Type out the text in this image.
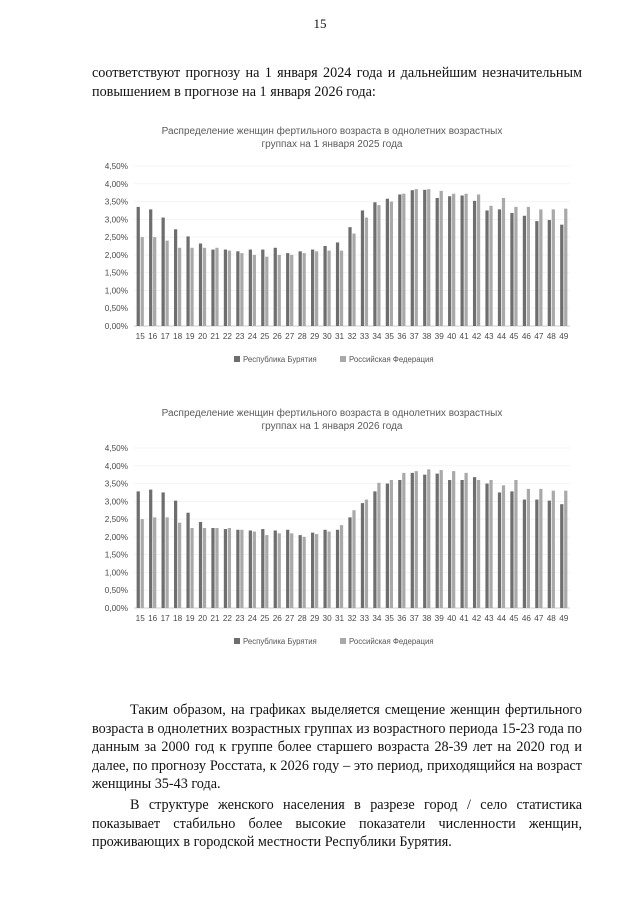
15

соответствуют прогнозу на 1 января 2024 года и дальнейшим незначительным повышением в прогнозе на 1 января 2026 года:

Распределение женщин фертильного возраста в однолетних возрастных
группах на 1 января 2025 года
0,00%
0,50%
1,00%
1,50%
2,00%
2,50%
3,00%
3,50%
4,00%
4,50%
15 16 17 18 19 20 21 22 23 24 25 26 27 28 29 30 31 32 33 34 35 36 37 38 39 40 41 42 43 44 45 46 47 48 49
Республика Бурятия	Российская Федерация
Распределение женщин фертильного возраста в однолетних возрастных
группах на 1 января 2026 года
0,00%
0,50%
1,00%
1,50%
2,00%
2,50%
3,00%
3,50%
4,00%
4,50%
15 16 17 18 19 20 21 22 23 24 25 26 27 28 29 30 31 32 33 34 35 36 37 38 39 40 41 42 43 44 45 46 47 48 49
Республика Бурятия	Российская Федерация

Таким образом, на графиках выделяется смещение женщин фертильного возраста в однолетних возрастных группах из возрастного периода 15-23 года по данным за 2000 год к группе более старшего возраста 28-39 лет на 2020 год и далее, по прогнозу Росстата, к 2026 году – это период, приходящийся на возраст женщины 35-43 года.

В структуре женского населения в разрезе город / село статистика показывает стабильно более высокие показатели численности женщин, проживающих в городской местности Республики Бурятия.
